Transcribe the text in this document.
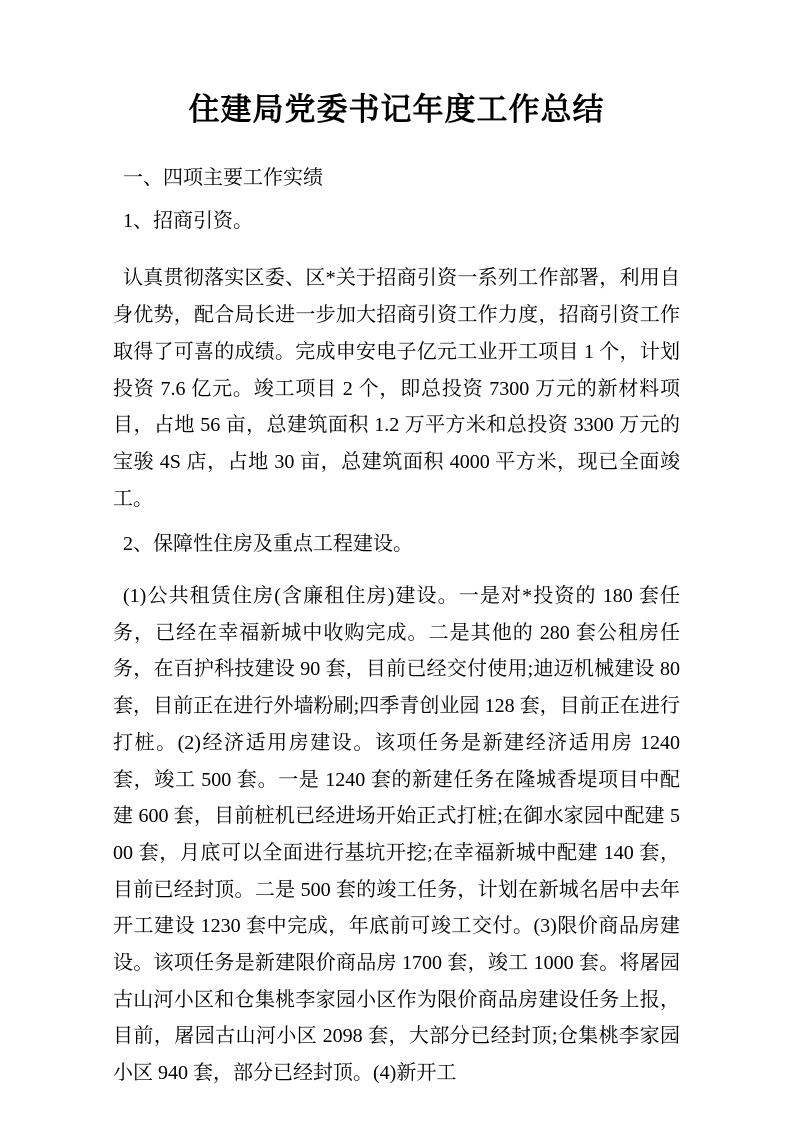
住建局党委书记年度工作总结

一、四项主要工作实绩

1、招商引资。

认真贯彻落实区委、区*关于招商引资一系列工作部署，利用自身优势，配合局长进一步加大招商引资工作力度，招商引资工作取得了可喜的成绩。完成申安电子亿元工业开工项目 1 个，计划投资 7.6 亿元。竣工项目 2 个，即总投资 7300 万元的新材料项目，占地 56 亩，总建筑面积 1.2 万平方米和总投资 3300 万元的宝骏 4S 店，占地 30 亩，总建筑面积 4000 平方米，现已全面竣工。

2、保障性住房及重点工程建设。

(1)公共租赁住房(含廉租住房)建设。一是对*投资的 180 套任务，已经在幸福新城中收购完成。二是其他的 280 套公租房任务，在百护科技建设 90 套，目前已经交付使用;迪迈机械建设 80 套，目前正在进行外墙粉刷;四季青创业园 128 套，目前正在进行打桩。(2)经济适用房建设。该项任务是新建经济适用房 1240 套，竣工 500 套。一是 1240 套的新建任务在隆城香堤项目中配建 600 套，目前桩机已经进场开始正式打桩;在御水家园中配建 500 套，月底可以全面进行基坑开挖;在幸福新城中配建 140 套，目前已经封顶。二是 500 套的竣工任务，计划在新城名居中去年开工建设 1230 套中完成，年底前可竣工交付。(3)限价商品房建设。该项任务是新建限价商品房 1700 套，竣工 1000 套。将屠园古山河小区和仓集桃李家园小区作为限价商品房建设任务上报，目前，屠园古山河小区 2098 套，大部分已经封顶;仓集桃李家园小区 940 套，部分已经封顶。(4)新开工
